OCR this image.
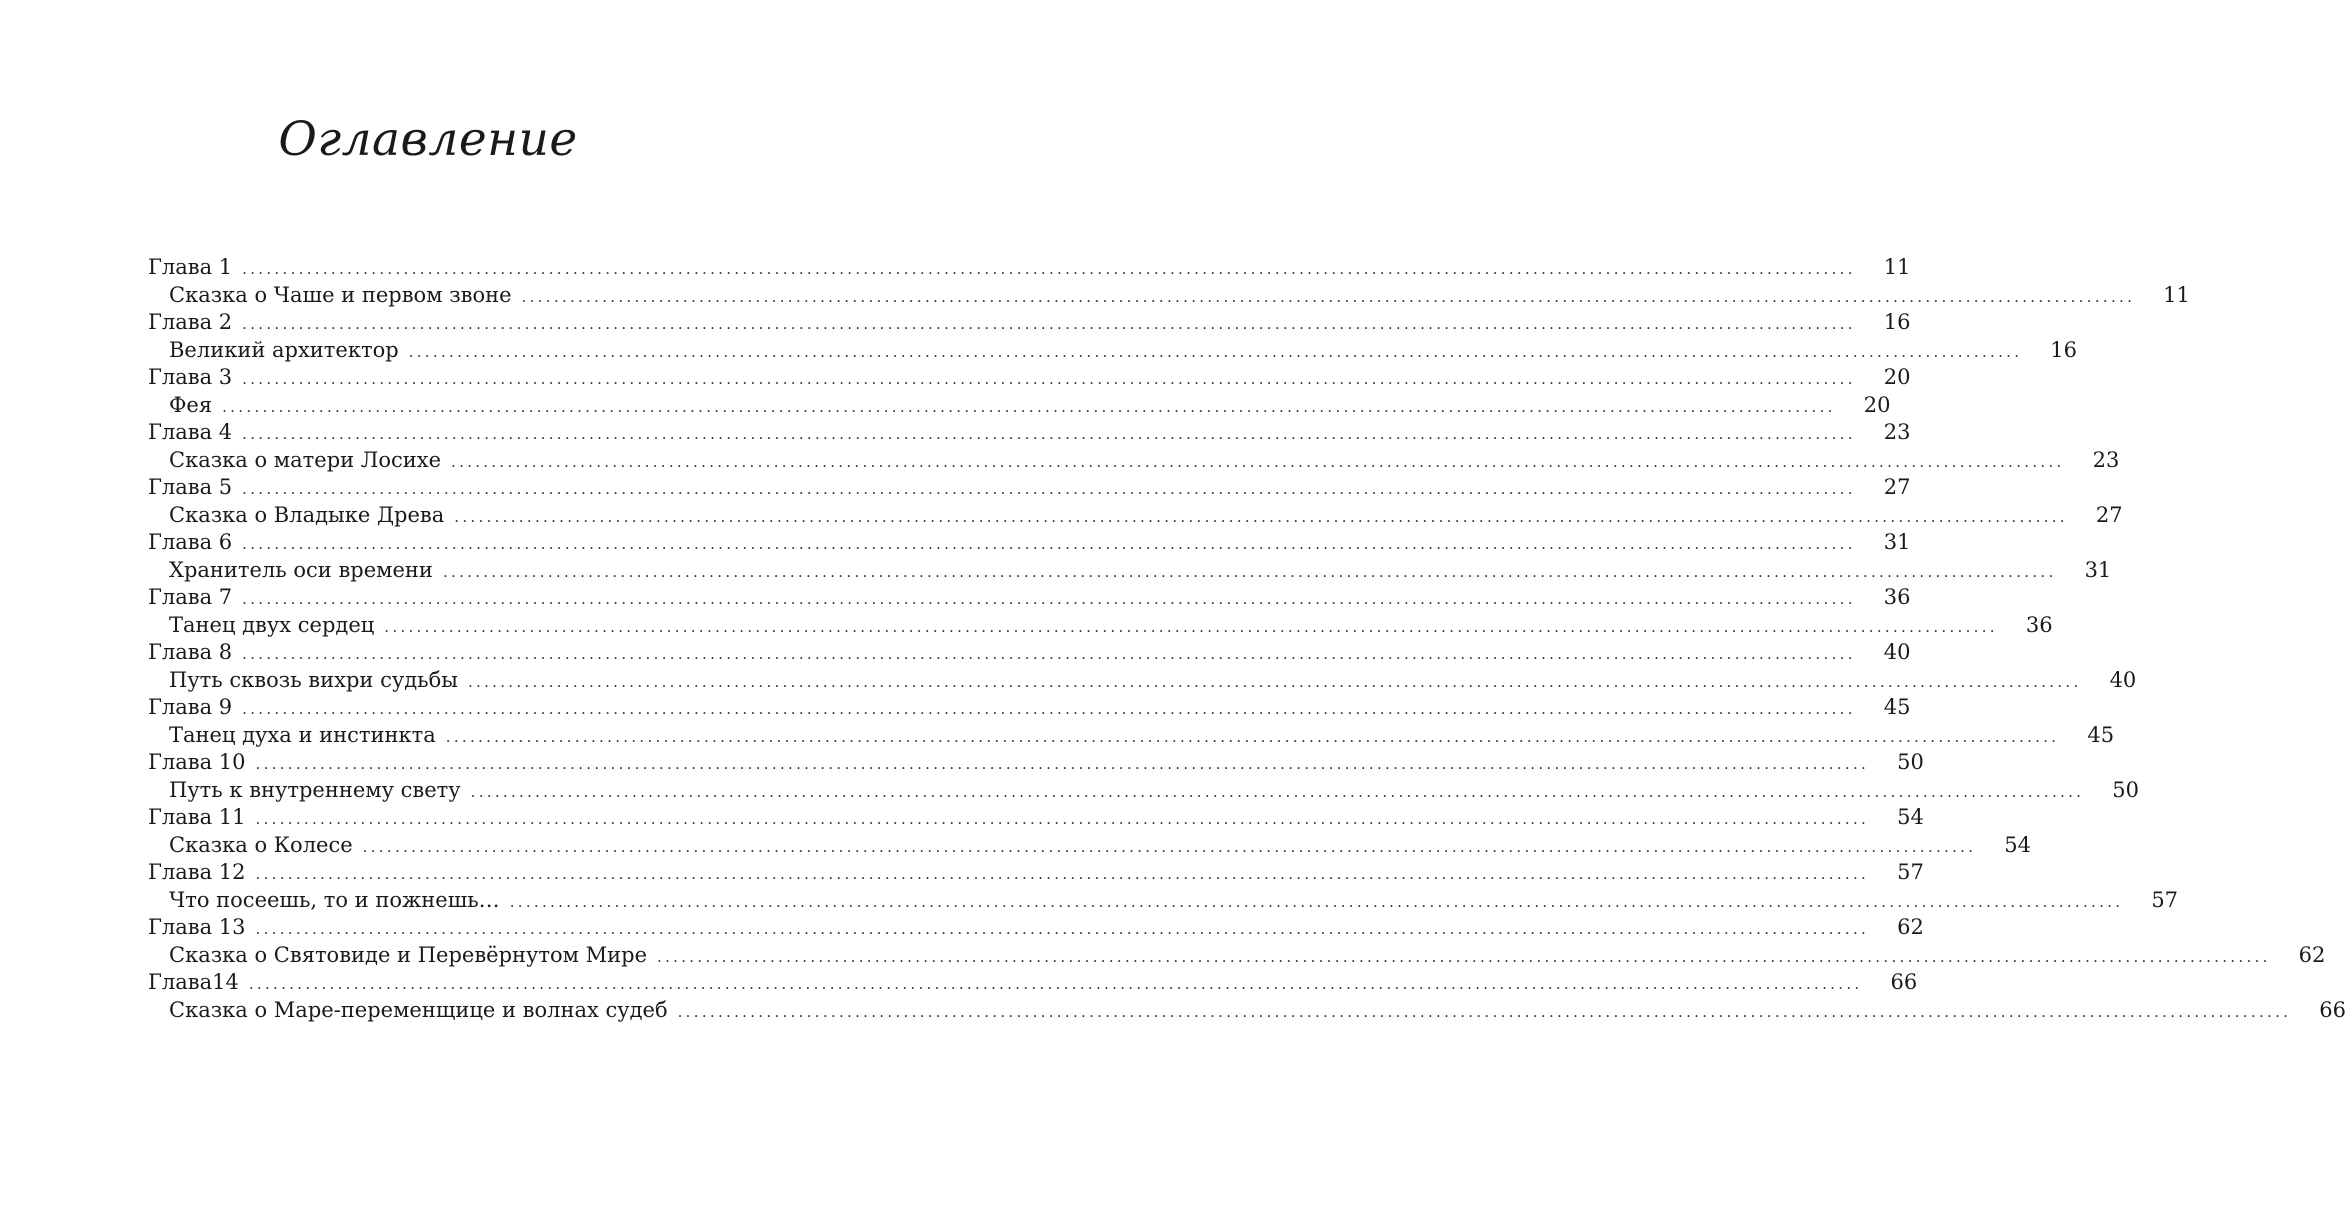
Оглавление
Глава 1 ........................................................................................................................................................................................................ 11
Сказка о Чаше и первом звоне ........................................................................................................................................................................................................ 11
Глава 2 ........................................................................................................................................................................................................ 16
Великий архитектор ........................................................................................................................................................................................................ 16
Глава 3 ........................................................................................................................................................................................................ 20
Фея ........................................................................................................................................................................................................ 20
Глава 4 ........................................................................................................................................................................................................ 23
Сказка о матери Лосихе ........................................................................................................................................................................................................ 23
Глава 5 ........................................................................................................................................................................................................ 27
Сказка о Владыке Древа ........................................................................................................................................................................................................ 27
Глава 6 ........................................................................................................................................................................................................ 31
Хранитель оси времени ........................................................................................................................................................................................................ 31
Глава 7 ........................................................................................................................................................................................................ 36
Танец двух сердец ........................................................................................................................................................................................................ 36
Глава 8 ........................................................................................................................................................................................................ 40
Путь сквозь вихри судьбы ........................................................................................................................................................................................................ 40
Глава 9 ........................................................................................................................................................................................................ 45
Танец духа и инстинкта ........................................................................................................................................................................................................ 45
Глава 10 ........................................................................................................................................................................................................ 50
Путь к внутреннему свету ........................................................................................................................................................................................................ 50
Глава 11 ........................................................................................................................................................................................................ 54
Сказка о Колесе ........................................................................................................................................................................................................ 54
Глава 12 ........................................................................................................................................................................................................ 57
Что посеешь, то и пожнешь… ........................................................................................................................................................................................................ 57
Глава 13 ........................................................................................................................................................................................................ 62
Сказка о Святовиде и Перевёрнутом Мире ........................................................................................................................................................................................................ 62
Глава14 ........................................................................................................................................................................................................ 66
Сказка о Маре-переменщице и волнах судеб ........................................................................................................................................................................................................ 66
